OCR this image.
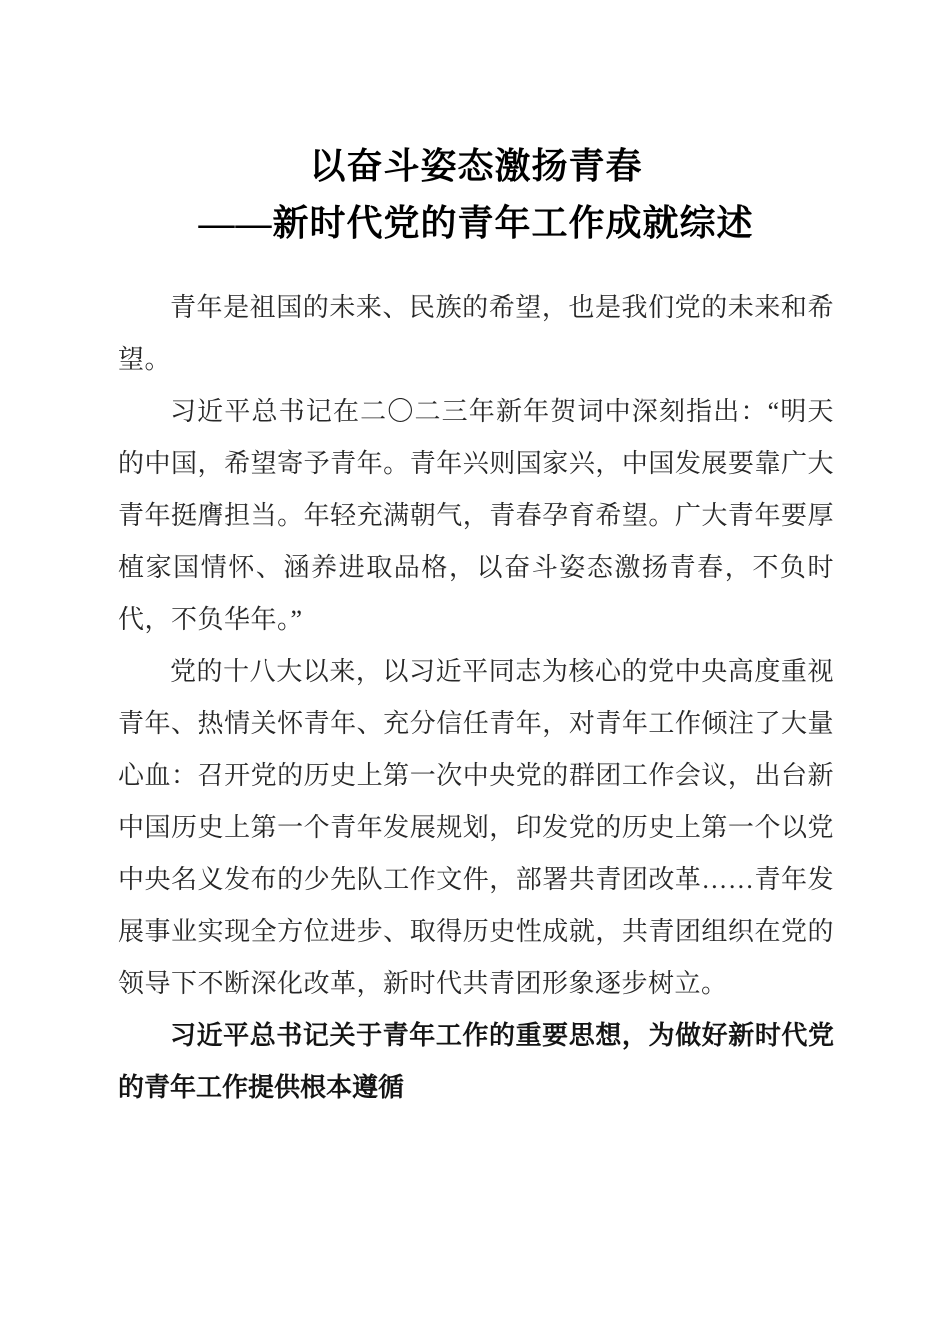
以奋斗姿态激扬青春
——新时代党的青年工作成就综述

青年是祖国的未来、民族的希望，也是我们党的未来和希望。

习近平总书记在二〇二三年新年贺词中深刻指出：“明天的中国，希望寄予青年。青年兴则国家兴，中国发展要靠广大青年挺膺担当。年轻充满朝气，青春孕育希望。广大青年要厚植家国情怀、涵养进取品格，以奋斗姿态激扬青春，不负时代，不负华年。”

党的十八大以来，以习近平同志为核心的党中央高度重视青年、热情关怀青年、充分信任青年，对青年工作倾注了大量心血：召开党的历史上第一次中央党的群团工作会议，出台新中国历史上第一个青年发展规划，印发党的历史上第一个以党中央名义发布的少先队工作文件，部署共青团改革……青年发展事业实现全方位进步、取得历史性成就，共青团组织在党的领导下不断深化改革，新时代共青团形象逐步树立。

习近平总书记关于青年工作的重要思想，为做好新时代党的青年工作提供根本遵循
